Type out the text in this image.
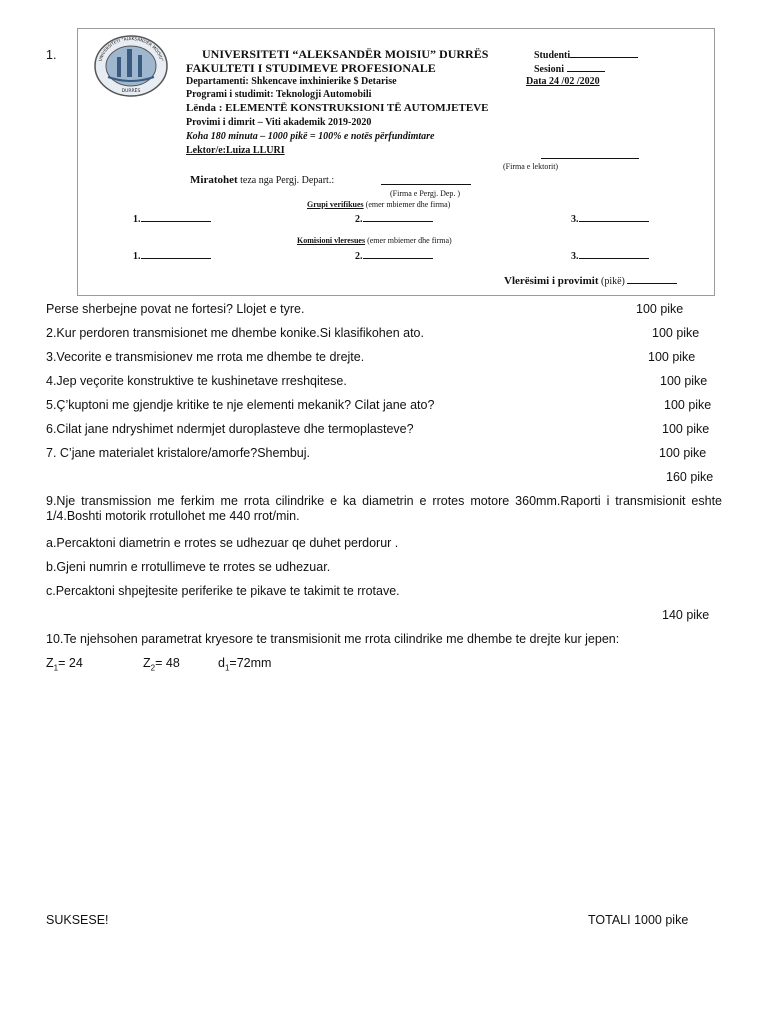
1.	UNIVERSITETI "ALEKSANDËR MOISIU"
DURRËS
UNIVERSITETI “ALEKSANDËR MOISIU” DURRËS
FAKULTETI I STUDIMEVE PROFESIONALE
Departamenti: Shkencave inxhinierike $ Detarise
Programi i studimit: Teknologji Automobili
Lënda : ELEMENTË KONSTRUKSIONI TË AUTOMJETEVE
Provimi i dimrit – Viti akademik 2019-2020
Koha 180 minuta – 1000 pikë = 100% e notës përfundimtare
Lektor/e:Luiza LLURI
Studenti
Sesioni
Data 24 /02 /2020
(Firma e lektorit)
Miratohet teza nga Pergj. Depart.:
(Firma e Pergj. Dep. )
Grupi verifikues (emer mbiemer dhe firma)
1.	2.	3.
Komisioni vleresues (emer mbiemer dhe firma)
1.	2.	3.
Vlerësimi i provimit (pikë)
Perse sherbejne povat ne fortesi? Llojet e tyre.	100 pike
2.Kur perdoren transmisionet me dhembe konike.Si klasifikohen ato.	100 pike
3.Vecorite e transmisionev me rrota me dhembe te drejte.	100 pike
4.Jep veçorite konstruktive te kushinetave rreshqitese.	100 pike
5.Ç’kuptoni me gjendje kritike te nje elementi mekanik? Cilat jane ato?	100 pike
6.Cilat jane ndryshimet ndermjet duroplasteve dhe termoplasteve?	100 pike
7. C’jane materialet kristalore/amorfe?Shembuj.	100 pike
160 pike
9.Nje transmission me ferkim me rrota cilindrike e ka diametrin e rrotes motore 360mm.Raporti i transmisionit eshte 1/4.Boshti motorik rrotullohet me 440 rrot/min.
a.Percaktoni diametrin e rrotes se udhezuar qe duhet perdorur .
b.Gjeni numrin e rrotullimeve te rrotes se udhezuar.
c.Percaktoni shpejtesite periferike te pikave te takimit te rrotave.
140 pike
10.Te njehsohen parametrat kryesore te transmisionit me rrota cilindrike me dhembe te drejte kur jepen:
$Z_1= 24$	$Z_2= 48$	$d_1=72mm$
SUKSESE!	TOTALI 1000 pike
